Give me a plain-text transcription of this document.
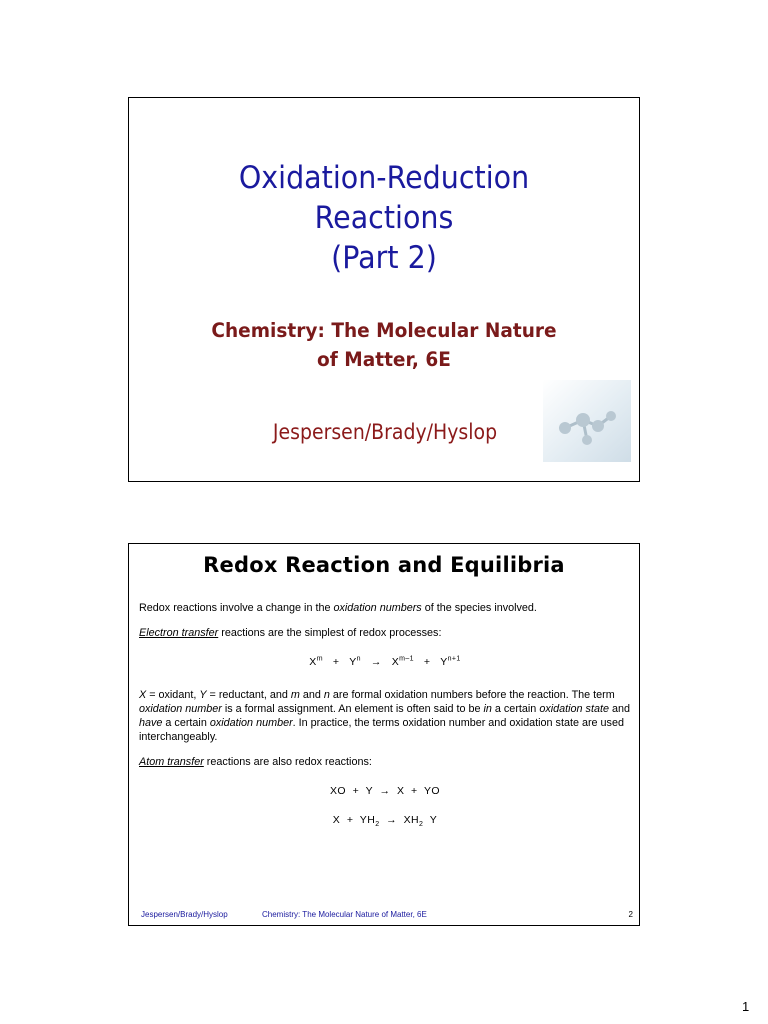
Oxidation-Reduction
Reactions
(Part 2)
Chemistry: The Molecular Nature
of Matter, 6E
Jespersen/Brady/Hyslop
Redox Reaction and Equilibria

Redox reactions involve a change in the oxidation numbers of the species involved.

Electron transfer reactions are the simplest of redox processes:

$X^m + Y^n \to X^{m-1} + Y^{n+1}$

X = oxidant, Y = reductant, and m and n are formal oxidation numbers before the reaction. The term oxidation number is a formal assignment. An element is often said to be in a certain oxidation state and have a certain oxidation number. In practice, the terms oxidation number and oxidation state are used interchangeably.

Atom transfer reactions are also redox reactions:

XO  +  Y  →  X  +  YO

$X + YH_2 \to XH_2$  Y

Jespersen/Brady/Hyslop	Chemistry: The Molecular Nature of Matter, 6E	2
1
